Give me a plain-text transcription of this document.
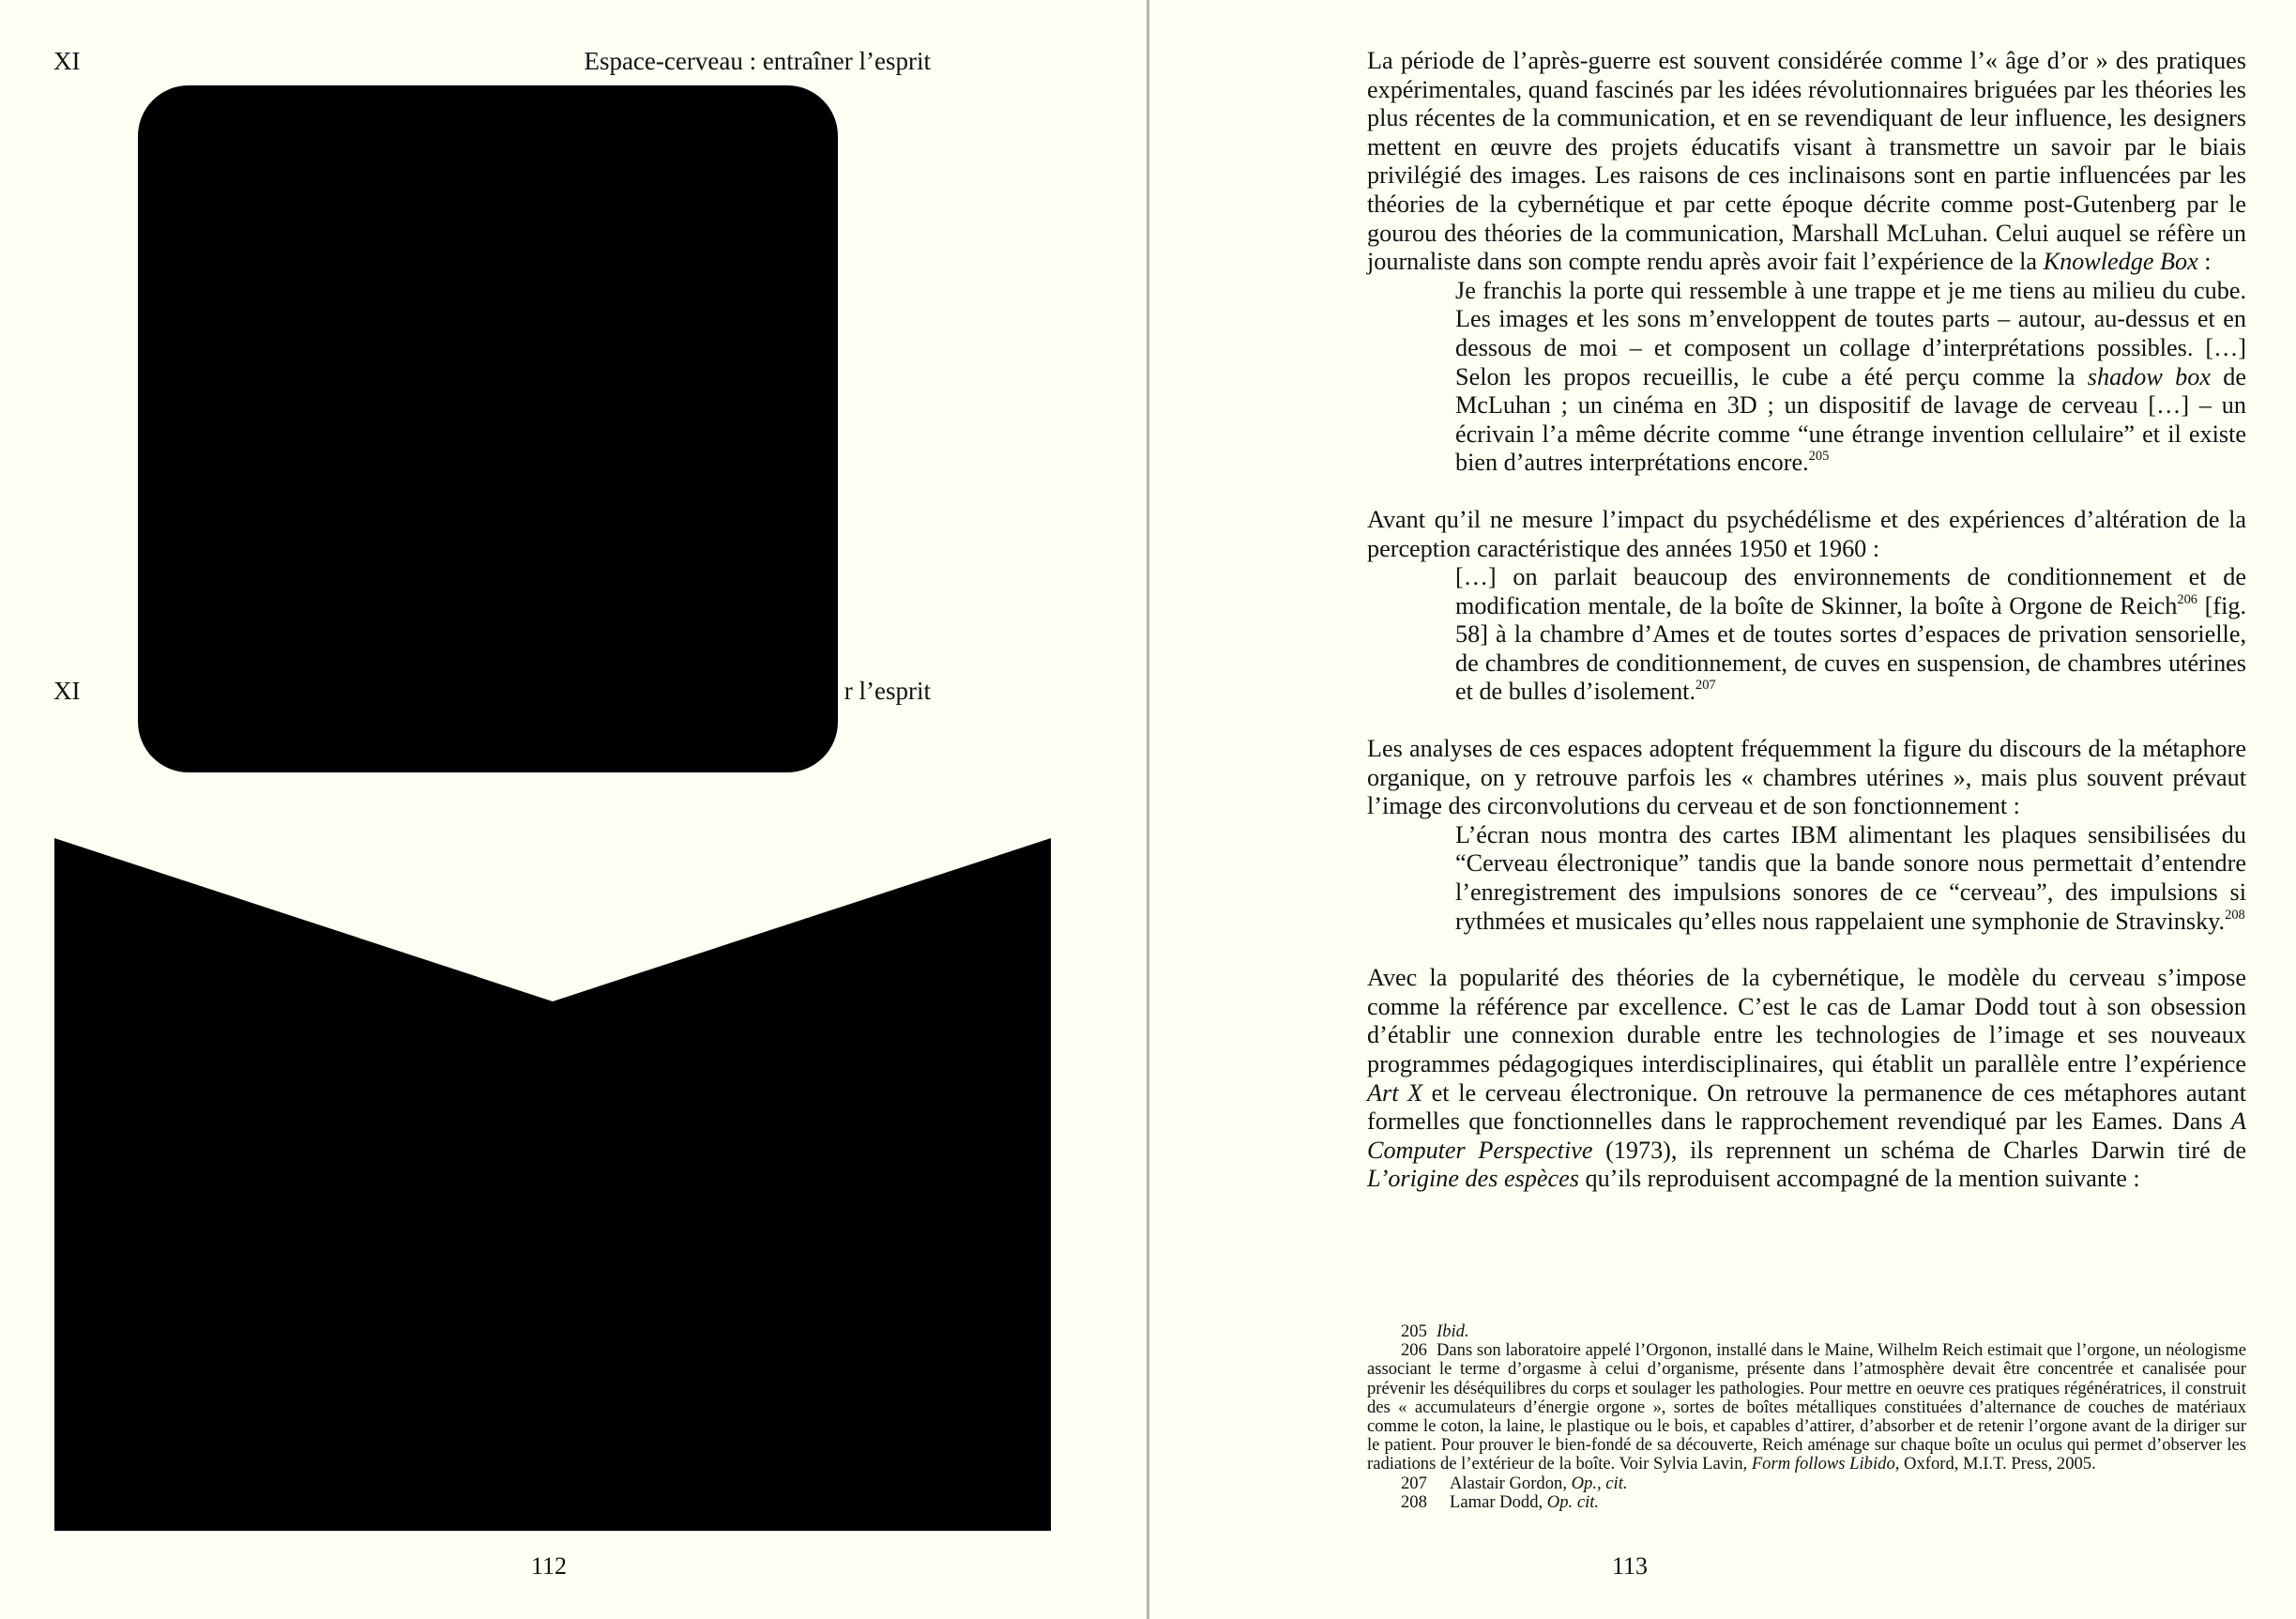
XI	Espace-cerveau : entraîner l’esprit
XI	r l’esprit
112

La période de l’après-guerre est souvent considérée comme l’« âge d’or » des pratiques expérimentales, quand fascinés par les idées révolutionnaires briguées par les théories les plus récentes de la communication, et en se revendiquant de leur influence, les designers mettent en œuvre des projets éducatifs visant à transmettre un savoir par le biais privilégié des images. Les raisons de ces inclinaisons sont en partie influencées par les théories de la cybernétique et par cette époque décrite comme post-Gutenberg par le gourou des théories de la communication, Marshall McLuhan. Celui auquel se réfère un journaliste dans son compte rendu après avoir fait l’expérience de la Knowledge Box :

Je franchis la porte qui ressemble à une trappe et je me tiens au milieu du cube. Les images et les sons m’enveloppent de toutes parts – autour, au-dessus et en dessous de moi – et composent un collage d’interprétations possibles. […] Selon les propos recueillis, le cube a été perçu comme la shadow box de McLuhan ; un cinéma en 3D ; un dispositif de lavage de cerveau […] – un écrivain l’a même décrite comme “une étrange invention cellulaire” et il existe bien d’autres interprétations encore.$^{205}$

Avant qu’il ne mesure l’impact du psychédélisme et des expériences d’altération de la perception caractéristique des années 1950 et 1960 :

[…] on parlait beaucoup des environnements de conditionnement et de modification mentale, de la boîte de Skinner, la boîte à Orgone de Reich$^{206}$ [fig. 58] à la chambre d’Ames et de toutes sortes d’espaces de privation sensorielle, de chambres de conditionnement, de cuves en suspension, de chambres utérines et de bulles d’isolement.$^{207}$

Les analyses de ces espaces adoptent fréquemment la figure du discours de la métaphore organique, on y retrouve parfois les « chambres utérines », mais plus souvent prévaut l’image des circonvolutions du cerveau et de son fonctionnement :

L’écran nous montra des cartes IBM alimentant les plaques sensibilisées du “Cerveau électronique” tandis que la bande sonore nous permettait d’entendre l’enregistrement des impulsions sonores de ce “cerveau”, des impulsions si rythmées et musicales qu’elles nous rappelaient une symphonie de Stravinsky.$^{208}$

Avec la popularité des théories de la cybernétique, le modèle du cerveau s’impose comme la référence par excellence. C’est le cas de Lamar Dodd tout à son obsession d’établir une connexion durable entre les technologies de l’image et ses nouveaux programmes pédagogiques interdisciplinaires, qui établit un parallèle entre l’expérience Art X et le cerveau électronique. On retrouve la permanence de ces métaphores autant formelles que fonctionnelles dans le rapprochement revendiqué par les Eames. Dans A Computer Perspective (1973), ils reprennent un schéma de Charles Darwin tiré de L’origine des espèces qu’ils reproduisent accompagné de la mention suivante :

205 Ibid.

206 Dans son laboratoire appelé l’Orgonon, installé dans le Maine, Wilhelm Reich estimait que l’orgone, un néologisme associant le terme d’orgasme à celui d’organisme, présente dans l’atmosphère devait être concentrée et canalisée pour prévenir les déséquilibres du corps et soulager les pathologies. Pour mettre en oeuvre ces pratiques régénératrices, il construit des « accumulateurs d’énergie orgone », sortes de boîtes métalliques constituées d’alternance de couches de matériaux comme le coton, la laine, le plastique ou le bois, et capables d’attirer, d’absorber et de retenir l’orgone avant de la diriger sur le patient. Pour prouver le bien-fondé de sa découverte, Reich aménage sur chaque boîte un oculus qui permet d’observer les radiations de l’extérieur de la boîte. Voir Sylvia Lavin, Form follows Libido, Oxford, M.I.T. Press, 2005.

207 Alastair Gordon, Op., cit.

208 Lamar Dodd, Op. cit.

113
